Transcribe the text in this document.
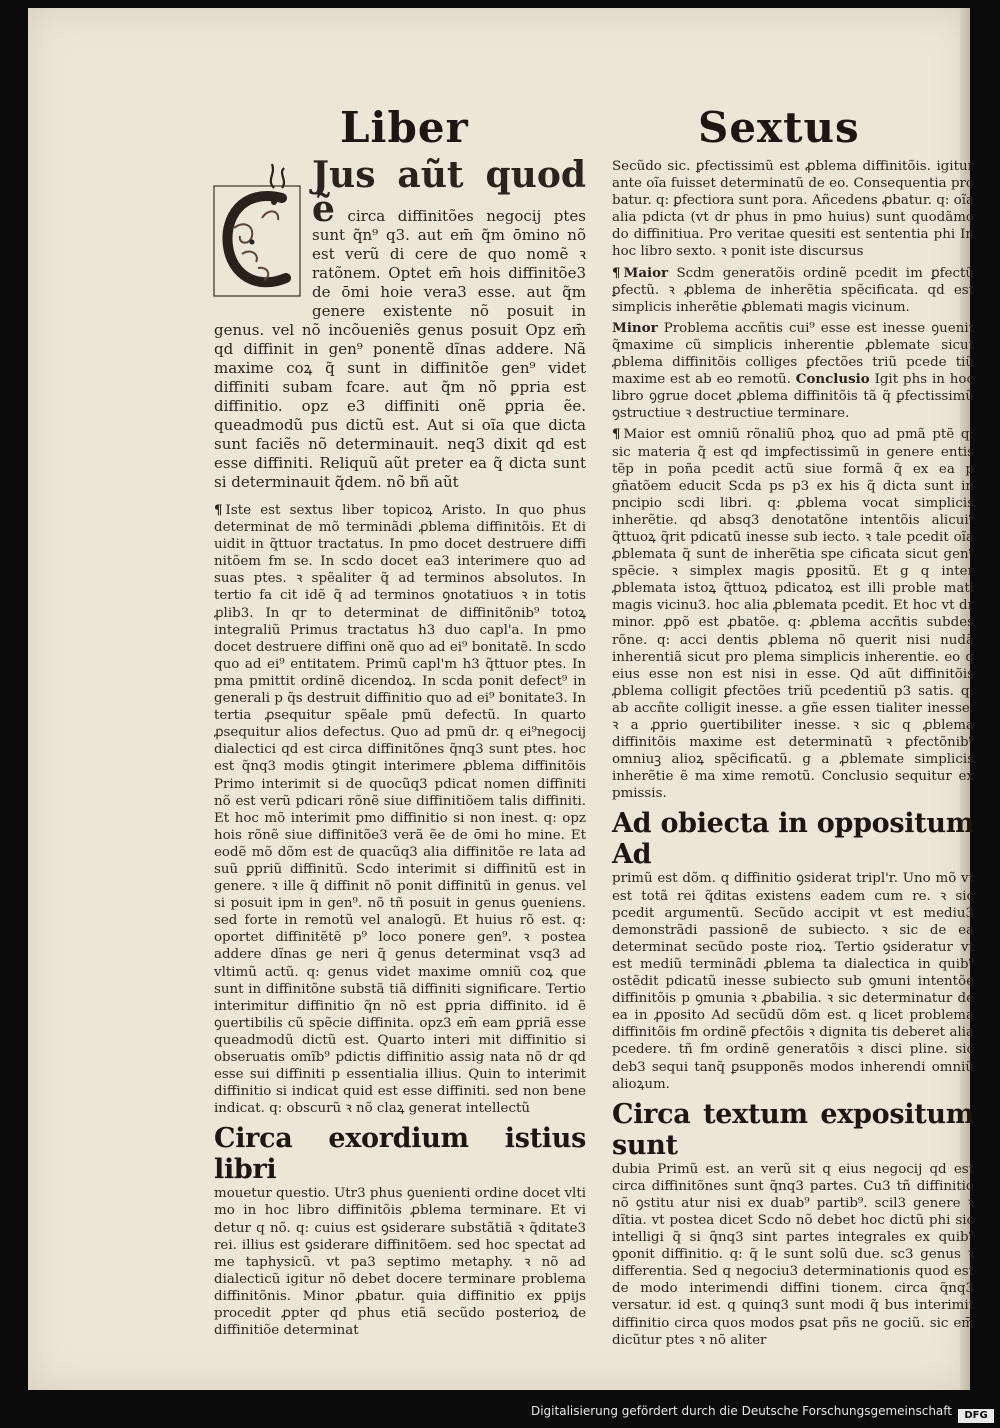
Liber	Sextus

Jus aũt quod ẽ circa diffinitões negocij ptes sunt q̃n⁹ q3. aut em̄ q̃m ōmino nõ est verũ di cere de quo nomẽ ꝛ ratõnem. Optet em̄ hois diffinitõe3 de ōmi hoie vera3 esse. aut q̃m genere existente nõ posuit in genus. vel nõ incõueniẽs genus posuit Opz em̄ qd diffinit in gen⁹ ponentẽ dĩnas addere. Nã maxime coꝝ q̃ sunt in diffinitõe gen⁹ videt diffiniti subam fcare. aut q̃m nõ ꝑpria est diffinitio. opz e3 diffiniti onẽ ꝑpria ẽe. queadmodũ pus dictũ est. Aut si oĩa que dicta sunt faciẽs nõ determinauit. neq3 dixit qd est esse diffiniti. Reliquũ aũt preter ea q̃ dicta sunt si determinauit q̃dem. nõ bñ aũt

¶ Iste est sextus liber topicoꝝ Aristo. In quo phus determinat de mõ terminãdi ꝓblema diffinitõis. Et di uidit in q̃ttuor tractatus. In pmo docet destruere diffi nitõem fm se. In scdo docet ea3 interimere quo ad suas ptes. ꝛ spẽaliter q̃ ad terminos absolutos. In tertio fa cit idẽ q̃ ad terminos ꝯnotatiuos ꝛ in totis ꝓlib3. In qr to determinat de diffinitõnib⁹ totoꝝ integraliũ Primus tractatus h3 duo capl'a. In pmo docet destruere diffini onẽ quo ad ei⁹ bonitatẽ. In scdo quo ad ei⁹ entitatem. Primũ capl'm h3 q̃ttuor ptes. In pma pmittit ordinẽ dicendoꝝ. In scda ponit defect⁹ in generali p q̃s destruit diffinitio quo ad ei⁹ bonitate3. In tertia ꝓsequitur spẽale pmũ defectũ. In quarto ꝓsequitur alios defectus. Quo ad pmũ dr. q ei⁹negocij dialectici qd est circa diffinitõnes q̃nq3 sunt ptes. hoc est q̃nq3 modis ꝯtingit interimere ꝓblema diffinitõis Primo interimit si de quocũq3 pdicat nomen diffiniti nõ est verũ pdicari rõnẽ siue diffinitiõem talis diffiniti. Et hoc mõ interimit pmo diffinitio si non inest. q: opz hois rõnẽ siue diffinitõe3 verã ẽe de ōmi ho mine. Et eodẽ mõ dõm est de quacũq3 alia diffinitõe re lata ad suũ ꝑpriũ diffinitũ. Scdo interimit si diffinitũ est in genere. ꝛ ille q̃ diffinit nõ ponit diffinitũ in genus. vel si posuit ipm in gen⁹. nõ tñ posuit in genus ꝯueniens. sed forte in remotũ vel analogũ. Et huius rõ est. q: oportet diffinitẽtẽ p⁹ loco ponere gen⁹. ꝛ postea addere dĩnas ge neri q̃ genus determinat vsq3 ad vltimũ actũ. q: genus videt maxime omniũ coꝝ que sunt in diffinitõne substã tiã diffiniti significare. Tertio interimitur diffinitio q̃n nõ est ꝑpria diffinito. id ẽ ꝯuertibilis cũ spẽcie diffinita. opz3 em̄ eam ꝑpriã esse queadmodũ dictũ est. Quarto interi mit diffinitio si obseruatis omĩb⁹ pdictis diffinitio assig nata nõ dr qd esse sui diffiniti p essentialia illius. Quin to interimit diffinitio si indicat quid est esse diffiniti. sed non bene indicat. q: obscurũ ꝛ nõ claꝝ generat intellectũ

Circa exordium istius libri

mouetur questio. Utr3 phus ꝯuenienti ordine docet vlti mo in hoc libro diffinitõis ꝓblema terminare. Et vi detur q nõ. q: cuius est ꝯsiderare substãtiã ꝛ q̃ditate3 rei. illius est ꝯsiderare diffinitõem. sed hoc spectat ad me taphysicũ. vt pa3 septimo metaphy. ꝛ nõ ad dialecticũ igitur nõ debet docere terminare problema diffinitõnis. Minor ꝓbatur. quia diffinitio ex ꝑpijs procedit ꝓpter qd phus etiã secũdo posterioꝝ de diffinitiõe determinat

Secũdo sic. ꝑfectissimũ est ꝓblema diffinitõis. igitur ante oĩa fuisset determinatũ de eo. Consequentia pro batur. q: ꝑfectiora sunt pora. Añcedens ꝓbatur. q: oĩa alia pdicta (vt dr phus in pmo huius) sunt quodãmo do diffinitiua. Pro veritae quesiti est sententia phi In hoc libro sexto. ꝛ ponit iste discursus

¶ Maior Scdm generatõis ordinẽ pcedit im ꝑfectũ ꝑfectũ. ꝛ ꝓblema de inherẽtia spẽcificata. qd est simplicis inherẽtie ꝓblemati magis vicinum.

Minor Problema accñtis cui⁹ esse est inesse ꝯuenit q̃maxime cũ simplicis inherentie ꝓblemate sicut ꝓblema diffinitõis colliges ꝑfectões triũ pcede tiũ maxime est ab eo remotũ. Conclusio Igit phs in hoc libro ꝯgrue docet ꝓblema diffinitõis tã q̃ ꝑfectissimũ ꝯstructiue ꝛ destructiue terminare.

¶ Maior est omniũ rõnaliũ phoꝝ quo ad pmã ptẽ q: sic materia q̃ est qd imꝑfectissimũ in genere entis tẽp in poña pcedit actũ siue formã q̃ ex ea p gñatõem educit Scda ps p3 ex his q̃ dicta sunt in pncipio scdi libri. q: ꝓblema vocat simplicis inherẽtie. qd absq3 denotatõne intentõis alicui⁹ q̃ttuoꝝ q̃rit pdicatũ inesse sub iecto. ꝛ tale pcedit oĩa ꝓblemata q̃ sunt de inherẽtia spe cificata sicut gen⁹ spẽcie. ꝛ simplex magis ꝑpositũ. Et g q inter ꝓblemata istoꝝ q̃ttuoꝝ pdicatoꝝ est illi proble mati magis vicinu3. hoc alia ꝓblemata pcedit. Et hoc vt dr minor. ꝓpõ est ꝓbatõe. q: ꝓblema accñtis subdes rõne. q: acci dentis ꝓblema nõ querit nisi nudã inherentiã sicut pro plema simplicis inherentie. eo q eius esse non est nisi in esse. Qd aũt diffinitõis ꝓblema colligit ꝑfectões triũ pcedentiũ p3 satis. q: ab accñte colligit inesse. a gñe essen tialiter inesse. ꝛ a ꝓprio ꝯuertibiliter inesse. ꝛ sic q ꝓblema diffinitõis maxime est determinatũ ꝛ ꝑfectõnib⁹ omniuꝫ alioꝝ spẽcificatũ. g a ꝓblemate simplicis inherẽtie ẽ ma xime remotũ. Conclusio sequitur ex pmissis.

Ad obiecta in oppositum Ad

primũ est dõm. q diffinitio ꝯsiderat tripl'r. Uno mõ vt est totã rei q̃ditas existens eadem cum re. ꝛ sic pcedit argumentũ. Secũdo accipit vt est mediu3 demonstrãdi passionẽ de subiecto. ꝛ sic de ea determinat secũdo poste rioꝝ. Tertio ꝯsideratur vt est mediũ terminãdi ꝓblema ta dialectica in quib⁹ ostẽdit pdicatũ inesse subiecto sub ꝯmuni intentõe diffinitõis p ꝯmunia ꝛ ꝓbabilia. ꝛ sic determinatur de ea in ꝓposito Ad secũdũ dõm est. q licet problema diffinitõis fm ordinẽ ꝑfectõis ꝛ dignita tis deberet alia pcedere. tñ fm ordinẽ generatõis ꝛ disci pline. sic deb3 sequi tanq̃ ꝑsupponẽs modos inherendi omniũ alioꝝum.

Circa textum expositum sunt

dubia Primũ est. an verũ sit q eius negocij qd est circa diffinitõnes sunt q̃nq3 partes. Cu3 tñ diffinitio nõ ꝯstitu atur nisi ex duab⁹ partib⁹. scil3 genere ꝛ dĩtia. vt postea dicet Scdo nõ debet hoc dictũ phi sic intelligi q̃ si q̃nq3 sint partes integrales ex quib⁹ ꝯponit diffinitio. q: q̃ le sunt solũ due. sc3 genus ꝛ differentia. Sed q negociu3 determinationis quod est de modo interimendi diffini tionem. circa q̃nq3 versatur. id est. q quinq3 sunt modi q̃ bus interimit diffinitio circa quos modos ꝑsat pñs ne gociũ. sic em̄ dicũtur ptes ꝛ nõ aliter

Digitalisierung gefördert durch die Deutsche Forschungsgemeinschaft	DFG
